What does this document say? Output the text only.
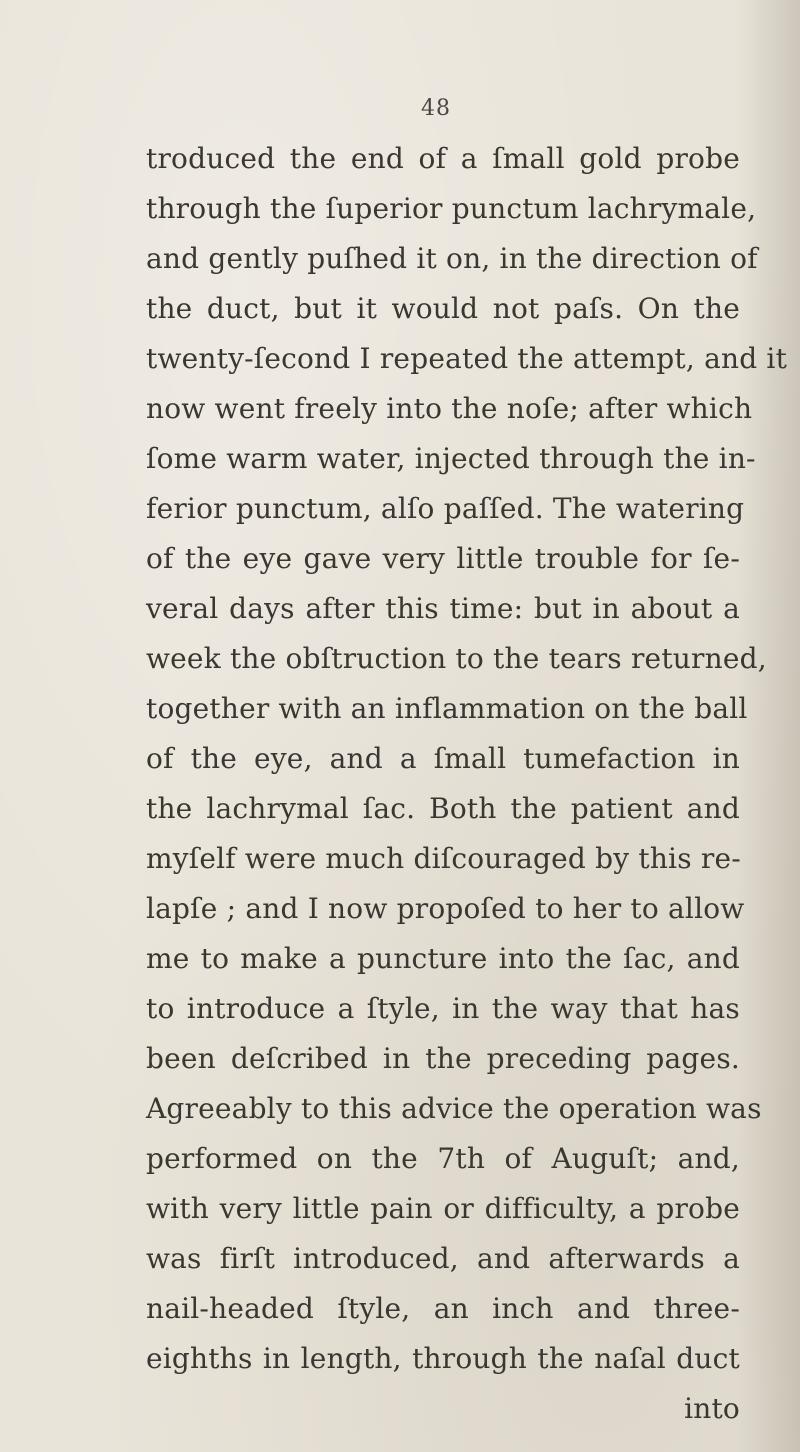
48
troduced the end of a ſmall gold probe
through the ſuperior punctum lachrymale,
and gently puſhed it on, in the direction of
the duct, but it would not paſs. On the
twenty-ſecond I repeated the attempt, and it
now went freely into the noſe; after which
ſome warm water, injected through the in-
ferior punctum, alſo paſſed. The watering
of the eye gave very little trouble for ſe-
veral days after this time: but in about a
week the obſtruction to the tears returned,
together with an inflammation on the ball
of the eye, and a ſmall tumefaction in
the lachrymal ſac. Both the patient and
myſelf were much diſcouraged by this re-
lapſe ; and I now propoſed to her to allow
me to make a puncture into the ſac, and
to introduce a ſtyle, in the way that has
been deſcribed in the preceding pages.
Agreeably to this advice the operation was
performed on the 7th of Auguſt; and,
with very little pain or difficulty, a probe
was firſt introduced, and afterwards a
nail-headed ſtyle, an inch and three-
eighths in length, through the naſal duct
into
